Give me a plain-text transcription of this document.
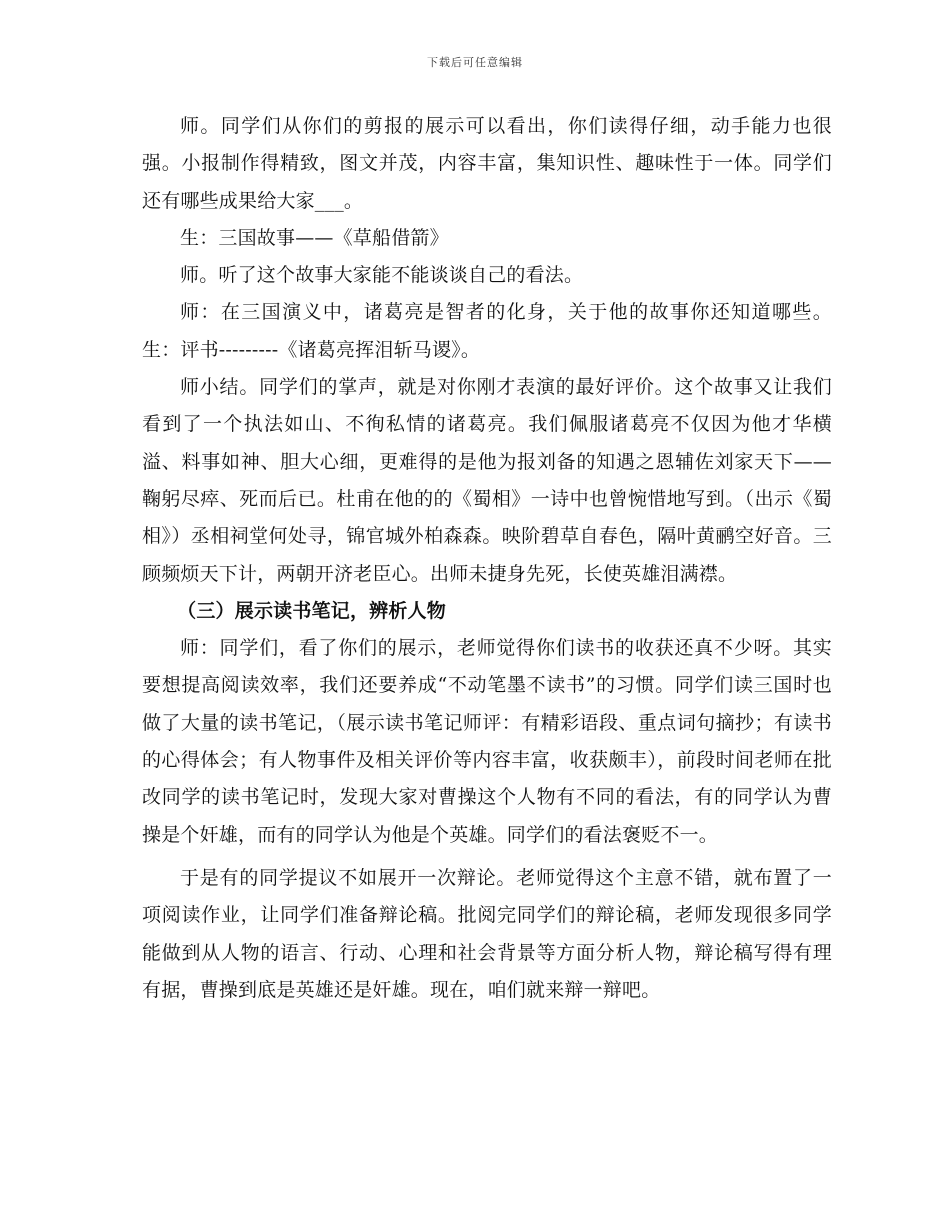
下载后可任意编辑

师。同学们从你们的剪报的展示可以看出，你们读得仔细，动手能力也很强。小报制作得精致，图文并茂，内容丰富，集知识性、趣味性于一体。同学们还有哪些成果给大家___。

生：三国故事——《草船借箭》

师。听了这个故事大家能不能谈谈自己的看法。

师：在三国演义中，诸葛亮是智者的化身，关于他的故事你还知道哪些。生：评书---------《诸葛亮挥泪斩马谡》。

师小结。同学们的掌声，就是对你刚才表演的最好评价。这个故事又让我们看到了一个执法如山、不徇私情的诸葛亮。我们佩服诸葛亮不仅因为他才华横溢、料事如神、胆大心细，更难得的是他为报刘备的知遇之恩辅佐刘家天下——鞠躬尽瘁、死而后已。杜甫在他的的《蜀相》一诗中也曾惋惜地写到。（出示《蜀相》）丞相祠堂何处寻，锦官城外柏森森。映阶碧草自春色，隔叶黄鹂空好音。三顾频烦天下计，两朝开济老臣心。出师未捷身先死，长使英雄泪满襟。

（三）展示读书笔记，辨析人物

师：同学们，看了你们的展示，老师觉得你们读书的收获还真不少呀。其实要想提高阅读效率，我们还要养成“不动笔墨不读书”的习惯。同学们读三国时也做了大量的读书笔记，（展示读书笔记师评：有精彩语段、重点词句摘抄；有读书的心得体会；有人物事件及相关评价等内容丰富，收获颇丰），前段时间老师在批改同学的读书笔记时，发现大家对曹操这个人物有不同的看法，有的同学认为曹操是个奸雄，而有的同学认为他是个英雄。同学们的看法褒贬不一。

于是有的同学提议不如展开一次辩论。老师觉得这个主意不错，就布置了一项阅读作业，让同学们准备辩论稿。批阅完同学们的辩论稿，老师发现很多同学能做到从人物的语言、行动、心理和社会背景等方面分析人物，辩论稿写得有理有据，曹操到底是英雄还是奸雄。现在，咱们就来辩一辩吧。
